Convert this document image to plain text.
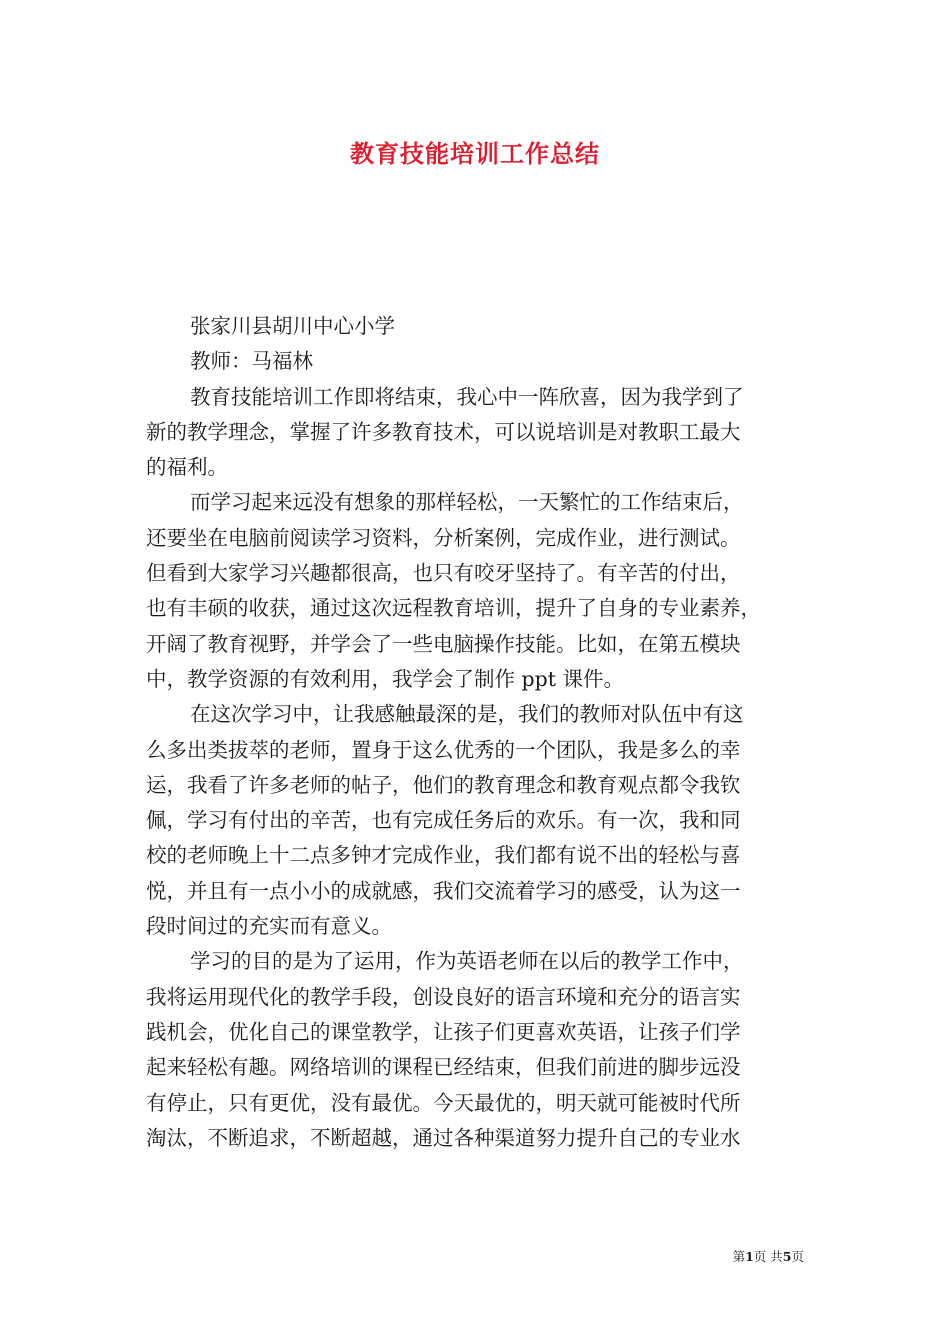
教育技能培训工作总结
张家川县胡川中心小学
教师：马福林
教育技能培训工作即将结束，我心中一阵欣喜，因为我学到了
新的教学理念，掌握了许多教育技术，可以说培训是对教职工最大
的福利。
而学习起来远没有想象的那样轻松，一天繁忙的工作结束后，
还要坐在电脑前阅读学习资料，分析案例，完成作业，进行测试。
但看到大家学习兴趣都很高，也只有咬牙坚持了。有辛苦的付出，
也有丰硕的收获，通过这次远程教育培训，提升了自身的专业素养，
开阔了教育视野，并学会了一些电脑操作技能。比如，在第五模块
中，教学资源的有效利用，我学会了制作 ppt 课件。
在这次学习中，让我感触最深的是，我们的教师对队伍中有这
么多出类拔萃的老师，置身于这么优秀的一个团队，我是多么的幸
运，我看了许多老师的帖子，他们的教育理念和教育观点都令我钦
佩，学习有付出的辛苦，也有完成任务后的欢乐。有一次，我和同
校的老师晚上十二点多钟才完成作业，我们都有说不出的轻松与喜
悦，并且有一点小小的成就感，我们交流着学习的感受，认为这一
段时间过的充实而有意义。
学习的目的是为了运用，作为英语老师在以后的教学工作中，
我将运用现代化的教学手段，创设良好的语言环境和充分的语言实
践机会，优化自己的课堂教学，让孩子们更喜欢英语，让孩子们学
起来轻松有趣。网络培训的课程已经结束，但我们前进的脚步远没
有停止，只有更优，没有最优。今天最优的，明天就可能被时代所
淘汰，不断追求，不断超越，通过各种渠道努力提升自己的专业水
第1页 共5页
